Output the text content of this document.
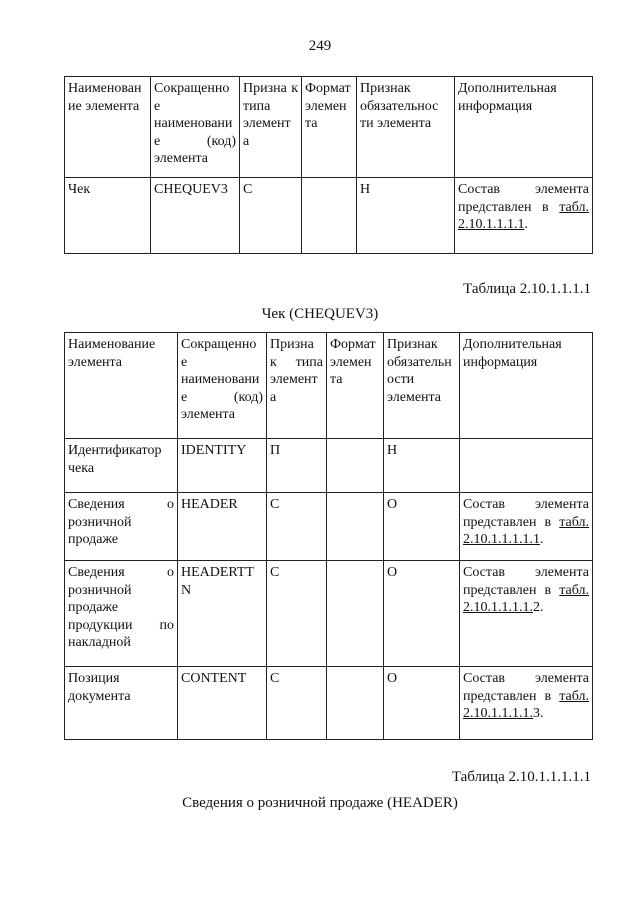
249
Наименован ие элемента	Сокращенно е наименовани е (код) элемента	Призна к типа элемент а	Формат элемен та	Признак обязательнос ти элемента	Дополнительная информация
Чек	CHEQUEV3	С		Н	Состав элемента представлен в табл. 2.10.1.1.1.1.
Таблица 2.10.1.1.1.1
Чек (CHEQUEV3)
Наименование элемента	Сокращенно е наименовани е (код) элемента	Призна к типа элемент а	Формат элемен та	Признак обязательн ости элемента	Дополнительная информация
Идентификатор чека	IDENTITY	П		Н	
Сведения о розничной продаже	HEADER	С		О	Состав элемента представлен в табл. 2.10.1.1.1.1.1.
Сведения о розничной продаже продукции по накладной	HEADERTT N	С		О	Состав элемента представлен в табл. 2.10.1.1.1.1.2.
Позиция документа	CONTENT	С		О	Состав элемента представлен в табл. 2.10.1.1.1.1.3.
Таблица 2.10.1.1.1.1.1
Сведения о розничной продаже (HEADER)
